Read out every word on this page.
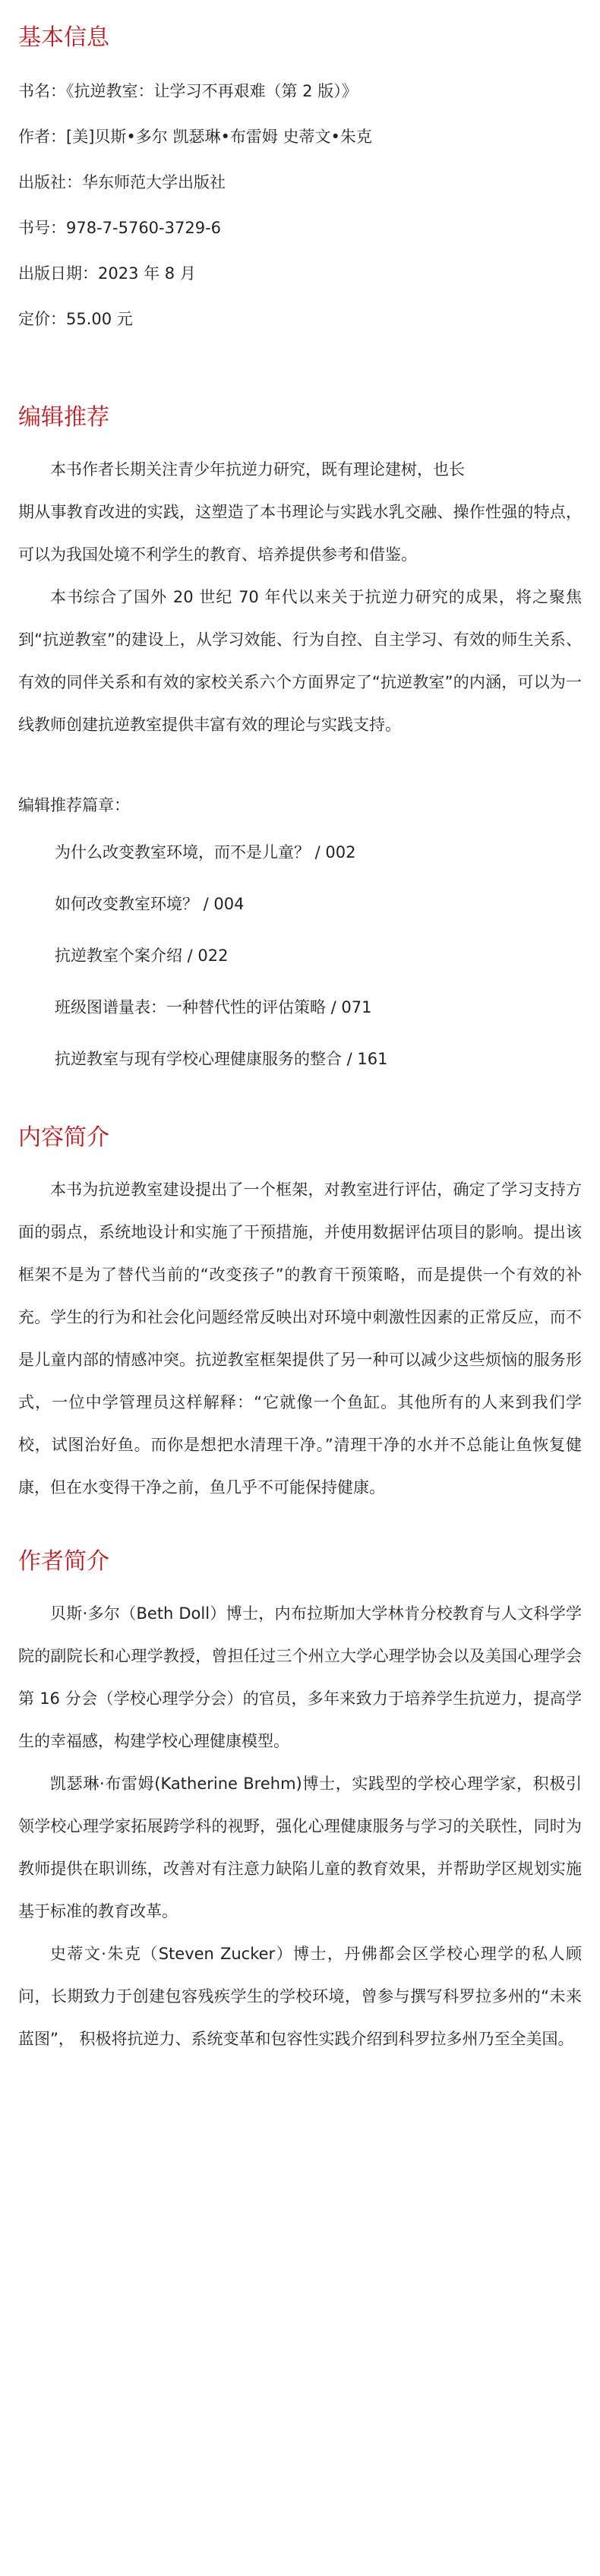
基本信息

书名：《抗逆教室：让学习不再艰难（第 2 版）》

作者：[美]贝斯•多尔 凯瑟琳•布雷姆 史蒂文•朱克

出版社：华东师范大学出版社

书号：978-7-5760-3729-6

出版日期：2023 年 8 月

定价：55.00 元

编辑推荐

本书作者长期关注青少年抗逆力研究，既有理论建树，也长

期从事教育改进的实践，这塑造了本书理论与实践水乳交融、操作性强的特点，可以为我国处境不利学生的教育、培养提供参考和借鉴。

本书综合了国外 20 世纪 70 年代以来关于抗逆力研究的成果，将之聚焦到“抗逆教室”的建设上，从学习效能、行为自控、自主学习、有效的师生关系、有效的同伴关系和有效的家校关系六个方面界定了“抗逆教室”的内涵，可以为一线教师创建抗逆教室提供丰富有效的理论与实践支持。

编辑推荐篇章：

为什么改变教室环境，而不是儿童？ / 002
如何改变教室环境？ / 004
抗逆教室个案介绍 / 022
班级图谱量表：一种替代性的评估策略 / 071
抗逆教室与现有学校心理健康服务的整合 / 161
内容简介

本书为抗逆教室建设提出了一个框架，对教室进行评估，确定了学习支持方面的弱点，系统地设计和实施了干预措施，并使用数据评估项目的影响。提出该框架不是为了替代当前的“改变孩子”的教育干预策略，而是提供一个有效的补充。学生的行为和社会化问题经常反映出对环境中刺激性因素的正常反应，而不是儿童内部的情感冲突。抗逆教室框架提供了另一种可以减少这些烦恼的服务形式，一位中学管理员这样解释：“它就像一个鱼缸。其他所有的人来到我们学校，试图治好鱼。而你是想把水清理干净。”清理干净的水并不总能让鱼恢复健康，但在水变得干净之前，鱼几乎不可能保持健康。

作者简介

贝斯·多尔（Beth Doll）博士，内布拉斯加大学林肯分校教育与人文科学学院的副院长和心理学教授，曾担任过三个州立大学心理学协会以及美国心理学会第 16 分会（学校心理学分会）的官员，多年来致力于培养学生抗逆力，提高学生的幸福感，构建学校心理健康模型。

凯瑟琳·布雷姆(Katherine Brehm)博士，实践型的学校心理学家，积极引领学校心理学家拓展跨学科的视野，强化心理健康服务与学习的关联性，同时为教师提供在职训练，改善对有注意力缺陷儿童的教育效果，并帮助学区规划实施基于标准的教育改革。

史蒂文·朱克（Steven Zucker）博士，丹佛都会区学校心理学的私人顾问，长期致力于创建包容残疾学生的学校环境，曾参与撰写科罗拉多州的“未来蓝图”， 积极将抗逆力、系统变革和包容性实践介绍到科罗拉多州乃至全美国。
